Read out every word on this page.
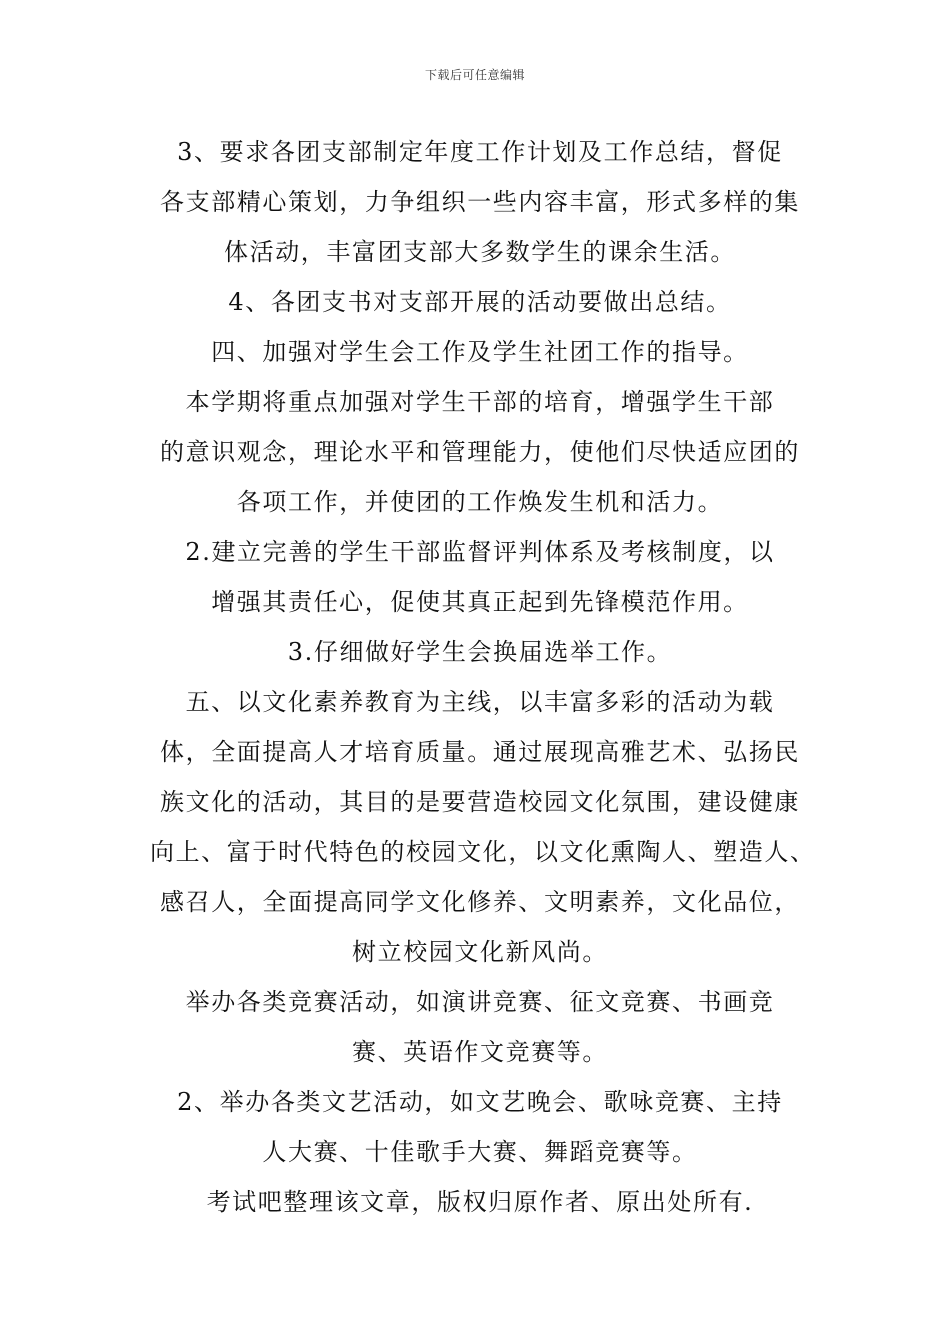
下载后可任意编辑
3、要求各团支部制定年度工作计划及工作总结，督促
各支部精心策划，力争组织一些内容丰富，形式多样的集
体活动，丰富团支部大多数学生的课余生活。
4、各团支书对支部开展的活动要做出总结。
四、加强对学生会工作及学生社团工作的指导。
本学期将重点加强对学生干部的培育，增强学生干部
的意识观念，理论水平和管理能力，使他们尽快适应团的
各项工作，并使团的工作焕发生机和活力。
2.建立完善的学生干部监督评判体系及考核制度，以
增强其责任心，促使其真正起到先锋模范作用。
3.仔细做好学生会换届选举工作。
五、以文化素养教育为主线，以丰富多彩的活动为载
体，全面提高人才培育质量。通过展现高雅艺术、弘扬民
族文化的活动，其目的是要营造校园文化氛围，建设健康
向上、富于时代特色的校园文化，以文化熏陶人、塑造人、
感召人，全面提高同学文化修养、文明素养，文化品位，
树立校园文化新风尚。
举办各类竞赛活动，如演讲竞赛、征文竞赛、书画竞
赛、英语作文竞赛等。
2、举办各类文艺活动，如文艺晚会、歌咏竞赛、主持
人大赛、十佳歌手大赛、舞蹈竞赛等。
考试吧整理该文章，版权归原作者、原出处所有.
